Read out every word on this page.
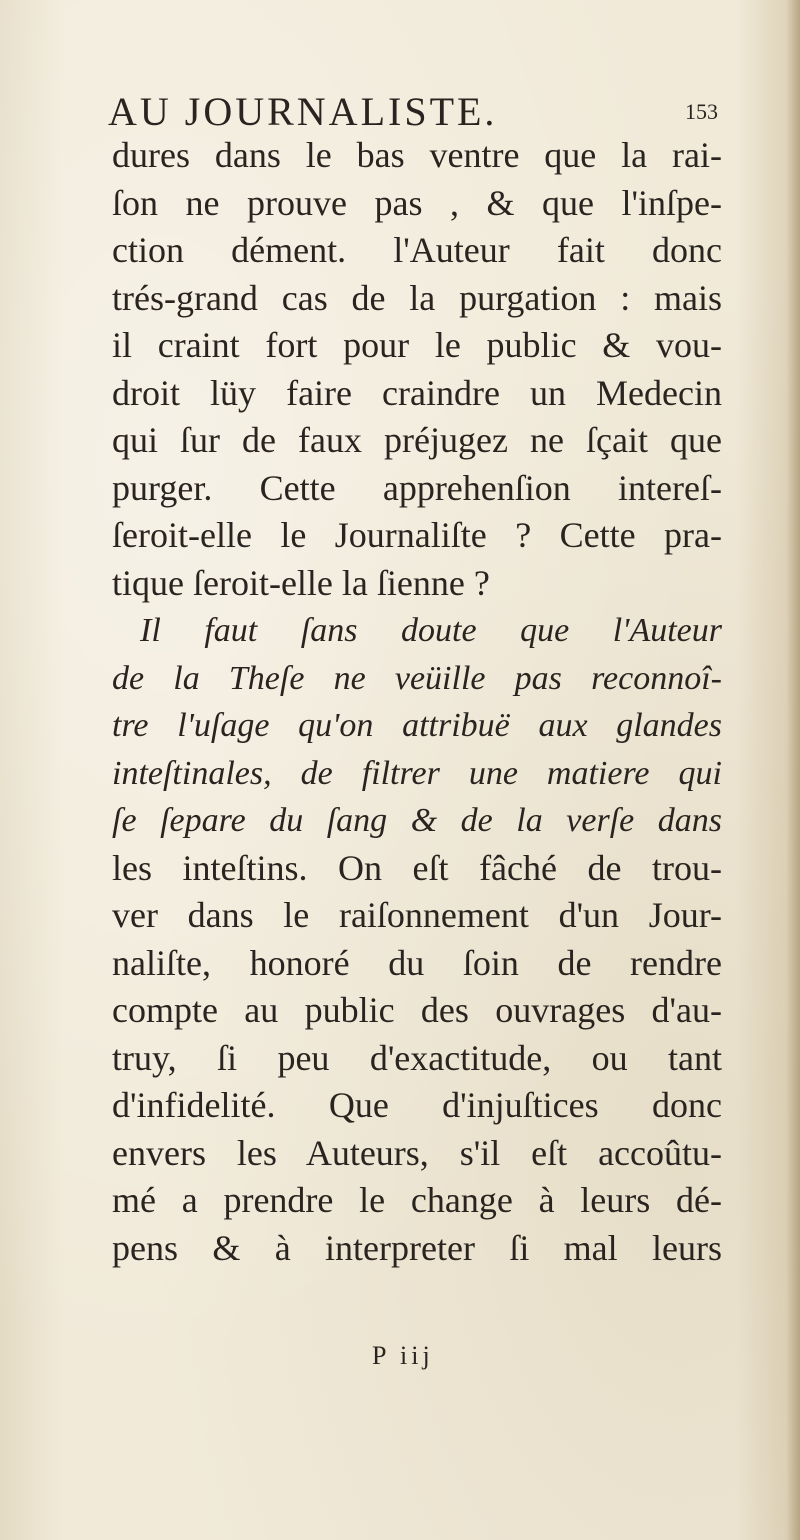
AU JOURNALISTE.	153
dures dans le bas ventre que la rai-
ſon ne prouve pas , & que l'inſpe-
ction dément. l'Auteur fait donc
trés-grand cas de la purgation : mais
il craint fort pour le public & vou-
droit lüy faire craindre un Medecin
qui ſur de faux préjugez ne ſçait que
purger. Cette apprehenſion intereſ-
ſeroit-elle le Journaliſte ? Cette pra-
tique ſeroit-elle la ſienne ?
Il faut ſans doute que l'Auteur
de la Theſe ne veüille pas reconnoî-
tre l'uſage qu'on attribuë aux glandes
inteſtinales, de filtrer une matiere qui
ſe ſepare du ſang & de la verſe dans
les inteſtins. On eſt fâché de trou-
ver dans le raiſonnement d'un Jour-
naliſte, honoré du ſoin de rendre
compte au public des ouvrages d'au-
truy, ſi peu d'exactitude, ou tant
d'infidelité. Que d'injuſtices donc
envers les Auteurs, s'il eſt accoûtu-
mé a prendre le change à leurs dé-
pens & à interpreter ſi mal leurs
P iij
